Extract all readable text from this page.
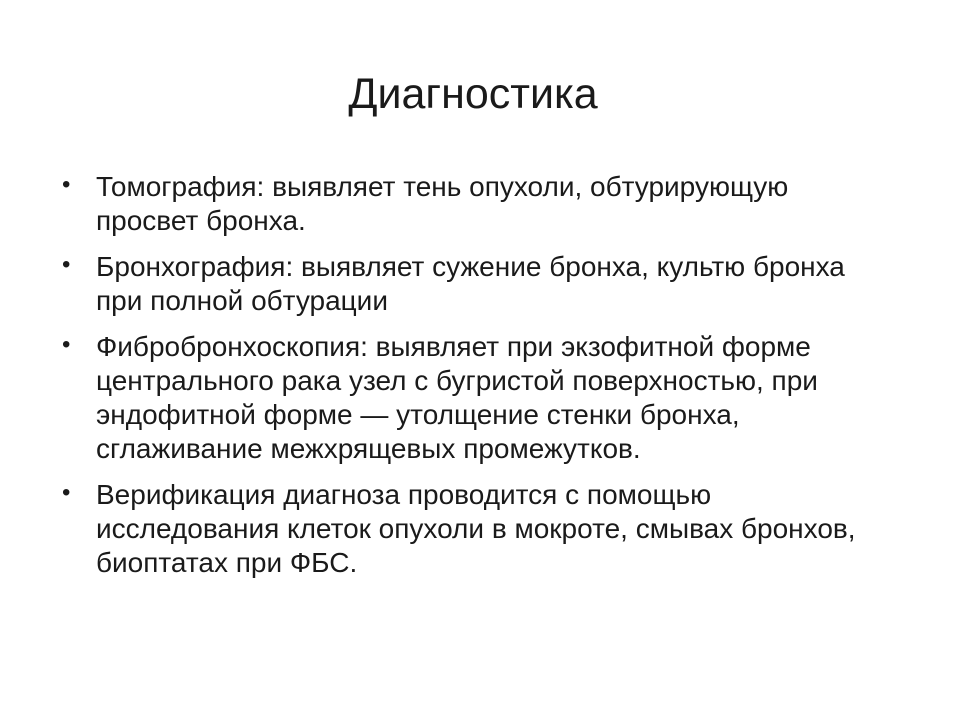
Диагностика
• Томография: выявляет тень опухоли, обтурирующую просвет бронха.
• Бронхография: выявляет сужение бронха, культю бронха при полной обтурации
• Фибробронхоскопия: выявляет при экзофитной форме центрального рака узел с бугристой поверхностью, при эндофитной форме — утолщение стенки бронха, сглаживание межхрящевых промежутков.
• Верификация диагноза проводится с помощью исследования клеток опухоли в мокроте, смывах бронхов, биоптатах при ФБС.
